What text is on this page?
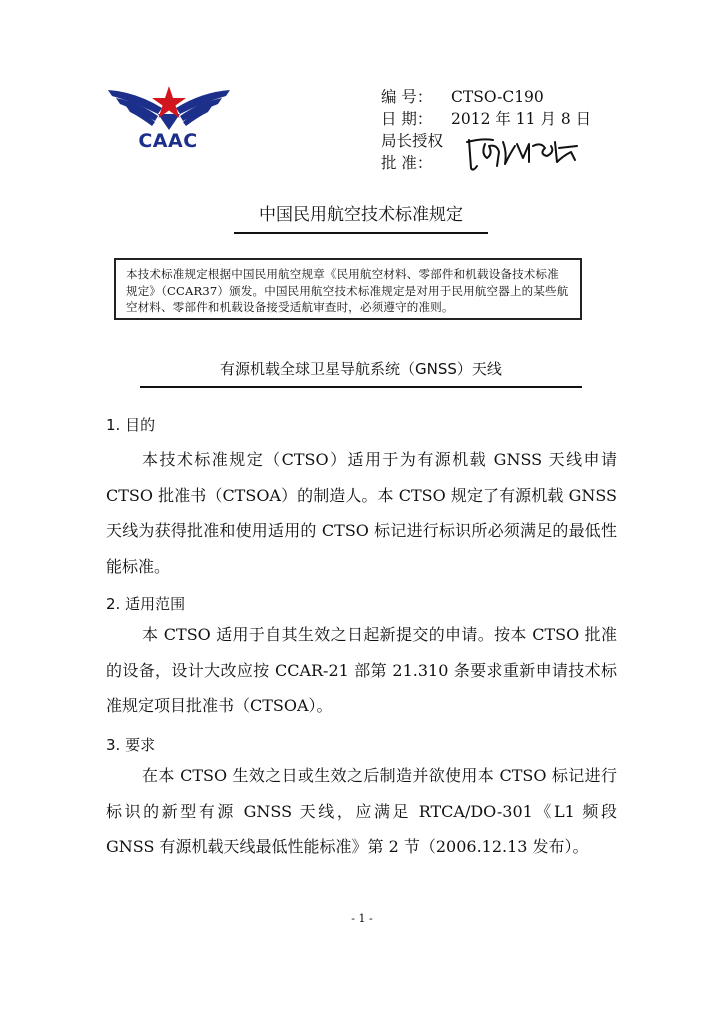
CAAC
编 号：	CTSO-C190
日 期：	2012 年 11 月 8 日
局长授权
批 准：
中国民用航空技术标准规定
本技术标准规定根据中国民用航空规章《民用航空材料、零部件和机载设备技术标准规定》（CCAR37）颁发。中国民用航空技术标准规定是对用于民用航空器上的某些航空材料、零部件和机载设备接受适航审查时，必须遵守的准则。
有源机载全球卫星导航系统（GNSS）天线
1. 目的
本技术标准规定（CTSO）适用于为有源机载 GNSS 天线申请 CTSO 批准书（CTSOA）的制造人。本 CTSO 规定了有源机载 GNSS 天线为获得批准和使用适用的 CTSO 标记进行标识所必须满足的最低性能标准。
2. 适用范围
本 CTSO 适用于自其生效之日起新提交的申请。按本 CTSO 批准的设备，设计大改应按 CCAR-21 部第 21.310 条要求重新申请技术标准规定项目批准书（CTSOA）。
3. 要求
在本 CTSO 生效之日或生效之后制造并欲使用本 CTSO 标记进行标识的新型有源 GNSS 天线，应满足 RTCA/DO-301《L1 频段 GNSS 有源机载天线最低性能标准》第 2 节（2006.12.13 发布）。
- 1 -
